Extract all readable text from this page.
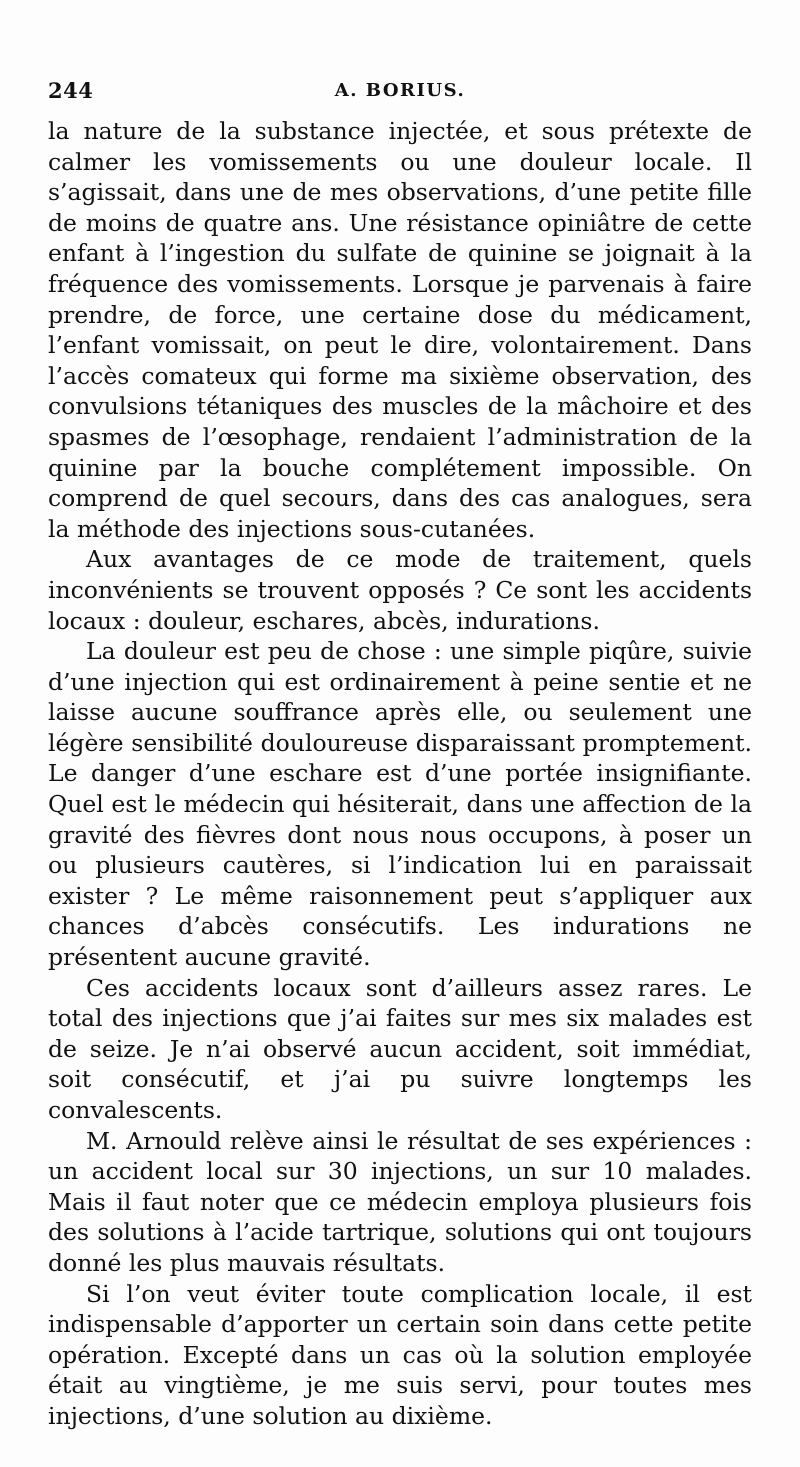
244	A. BORIUS.

la nature de la substance injectée, et sous prétexte de calmer les vomissements ou une douleur locale. Il s’agissait, dans une de mes observations, d’une petite fille de moins de quatre ans. Une résistance opiniâtre de cette enfant à l’ingestion du sulfate de quinine se joignait à la fréquence des vomissements. Lorsque je parvenais à faire prendre, de force, une certaine dose du médicament, l’enfant vomissait, on peut le dire, volontairement. Dans l’accès comateux qui forme ma sixième observation, des convulsions tétaniques des muscles de la mâchoire et des spasmes de l’œsophage, rendaient l’administration de la quinine par la bouche complétement impossible. On comprend de quel secours, dans des cas analogues, sera la méthode des injections sous-cutanées.

Aux avantages de ce mode de traitement, quels inconvénients se trouvent opposés ? Ce sont les accidents locaux : douleur, eschares, abcès, indurations.

La douleur est peu de chose : une simple piqûre, suivie d’une injection qui est ordinairement à peine sentie et ne laisse aucune souffrance après elle, ou seulement une légère sensibilité douloureuse disparaissant promptement. Le danger d’une eschare est d’une portée insignifiante. Quel est le médecin qui hésiterait, dans une affection de la gravité des fièvres dont nous nous occupons, à poser un ou plusieurs cautères, si l’indication lui en paraissait exister ? Le même raisonnement peut s’appliquer aux chances d’abcès consécutifs. Les indurations ne présentent aucune gravité.

Ces accidents locaux sont d’ailleurs assez rares. Le total des injections que j’ai faites sur mes six malades est de seize. Je n’ai observé aucun accident, soit immédiat, soit consécutif, et j’ai pu suivre longtemps les convalescents.

M. Arnould relève ainsi le résultat de ses expériences : un accident local sur 30 injections, un sur 10 malades. Mais il faut noter que ce médecin employa plusieurs fois des solutions à l’acide tartrique, solutions qui ont toujours donné les plus mauvais résultats.

Si l’on veut éviter toute complication locale, il est indispensable d’apporter un certain soin dans cette petite opération. Excepté dans un cas où la solution employée était au vingtième, je me suis servi, pour toutes mes injections, d’une solution au dixième.
